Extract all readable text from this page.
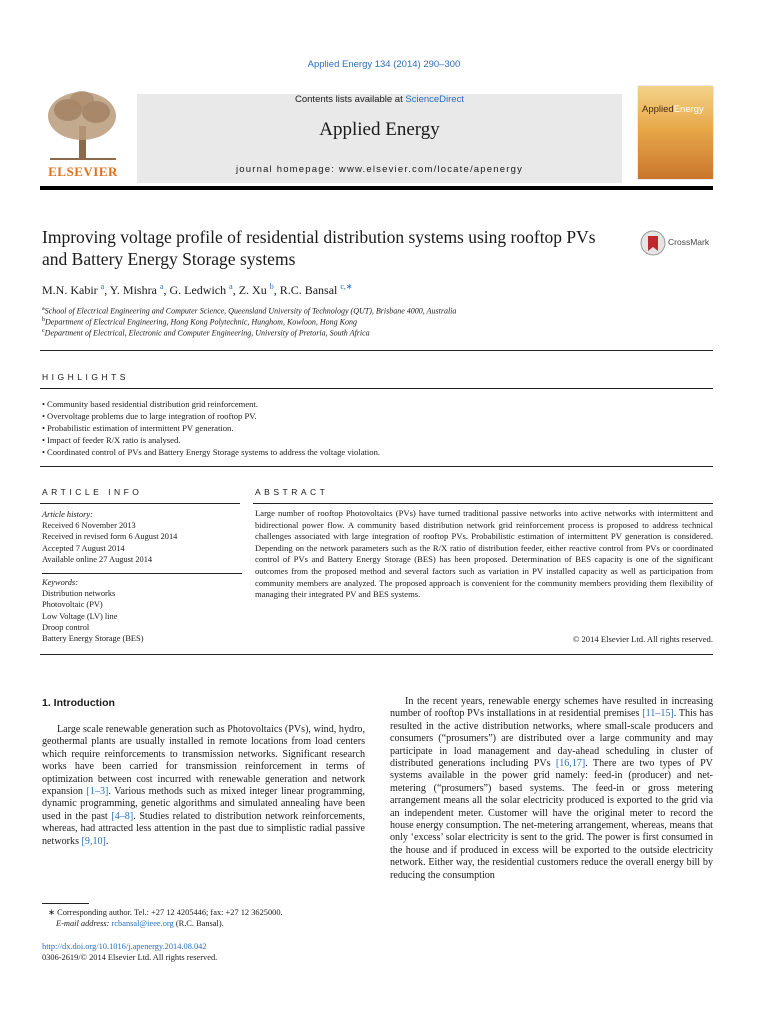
Applied Energy 134 (2014) 290–300
ELSEVIER
Contents lists available at ScienceDirect
Applied Energy
journal homepage: www.elsevier.com/locate/apenergy
AppliedEnergy
Improving voltage profile of residential distribution systems using rooftop PVs and Battery Energy Storage systems
CrossMark
M.N. Kabir $^a$, Y. Mishra $^a$, G. Ledwich $^a$, Z. Xu $^b$, R.C. Bansal $^{c,∗}$
$^a$School of Electrical Engineering and Computer Science, Queensland University of Technology (QUT), Brisbane 4000, Australia
$^b$Department of Electrical Engineering, Hong Kong Polytechnic, Hunghom, Kowloon, Hong Kong
$^c$Department of Electrical, Electronic and Computer Engineering, University of Pretoria, South Africa
HIGHLIGHTS
• Community based residential distribution grid reinforcement.
• Overvoltage problems due to large integration of rooftop PV.
• Probabilistic estimation of intermittent PV generation.
• Impact of feeder R/X ratio is analysed.
• Coordinated control of PVs and Battery Energy Storage systems to address the voltage violation.
ARTICLE INFO
Article history:
Received 6 November 2013
Received in revised form 6 August 2014
Accepted 7 August 2014
Available online 27 August 2014
Keywords:
Distribution networks
Photovoltaic (PV)
Low Voltage (LV) line
Droop control
Battery Energy Storage (BES)
ABSTRACT
Large number of rooftop Photovoltaics (PVs) have turned traditional passive networks into active networks with intermittent and bidirectional power flow. A community based distribution network grid reinforcement process is proposed to address technical challenges associated with large integration of rooftop PVs. Probabilistic estimation of intermittent PV generation is considered. Depending on the network parameters such as the R/X ratio of distribution feeder, either reactive control from PVs or coordinated control of PVs and Battery Energy Storage (BES) has been proposed. Determination of BES capacity is one of the significant outcomes from the proposed method and several factors such as variation in PV installed capacity as well as participation from community members are analyzed. The proposed approach is convenient for the community members providing them flexibility of managing their integrated PV and BES systems.
© 2014 Elsevier Ltd. All rights reserved.
1. Introduction
Large scale renewable generation such as Photovoltaics (PVs), wind, hydro, geothermal plants are usually installed in remote locations from load centers which require reinforcements to transmission networks. Significant research works have been carried for transmission reinforcement in terms of optimization between cost incurred with renewable generation and network expansion [1–3]. Various methods such as mixed integer linear programming, dynamic programming, genetic algorithms and simulated annealing have been used in the past [4–8]. Studies related to distribution network reinforcements, whereas, had attracted less attention in the past due to simplistic radial passive networks [9,10].
In the recent years, renewable energy schemes have resulted in increasing number of rooftop PVs installations in at residential premises [11–15]. This has resulted in the active distribution networks, where small-scale producers and consumers (“prosumers”) are distributed over a large community and may participate in load management and day-ahead scheduling in cluster of distributed generations including PVs [16,17]. There are two types of PV systems available in the power grid namely: feed-in (producer) and net-metering (“prosumers”) based systems. The feed-in or gross metering arrangement means all the solar electricity produced is exported to the grid via an independent meter. Customer will have the original meter to record the house energy consumption. The net-metering arrangement, whereas, means that only ‘excess’ solar electricity is sent to the grid. The power is first consumed in the house and if produced in excess will be exported to the outside electricity network. Either way, the residential customers reduce the overall energy bill by reducing the consumption
∗ Corresponding author. Tel.: +27 12 4205446; fax: +27 12 3625000.
E-mail address: rcbansal@ieee.org (R.C. Bansal).
http://dx.doi.org/10.1016/j.apenergy.2014.08.042
0306-2619/© 2014 Elsevier Ltd. All rights reserved.
